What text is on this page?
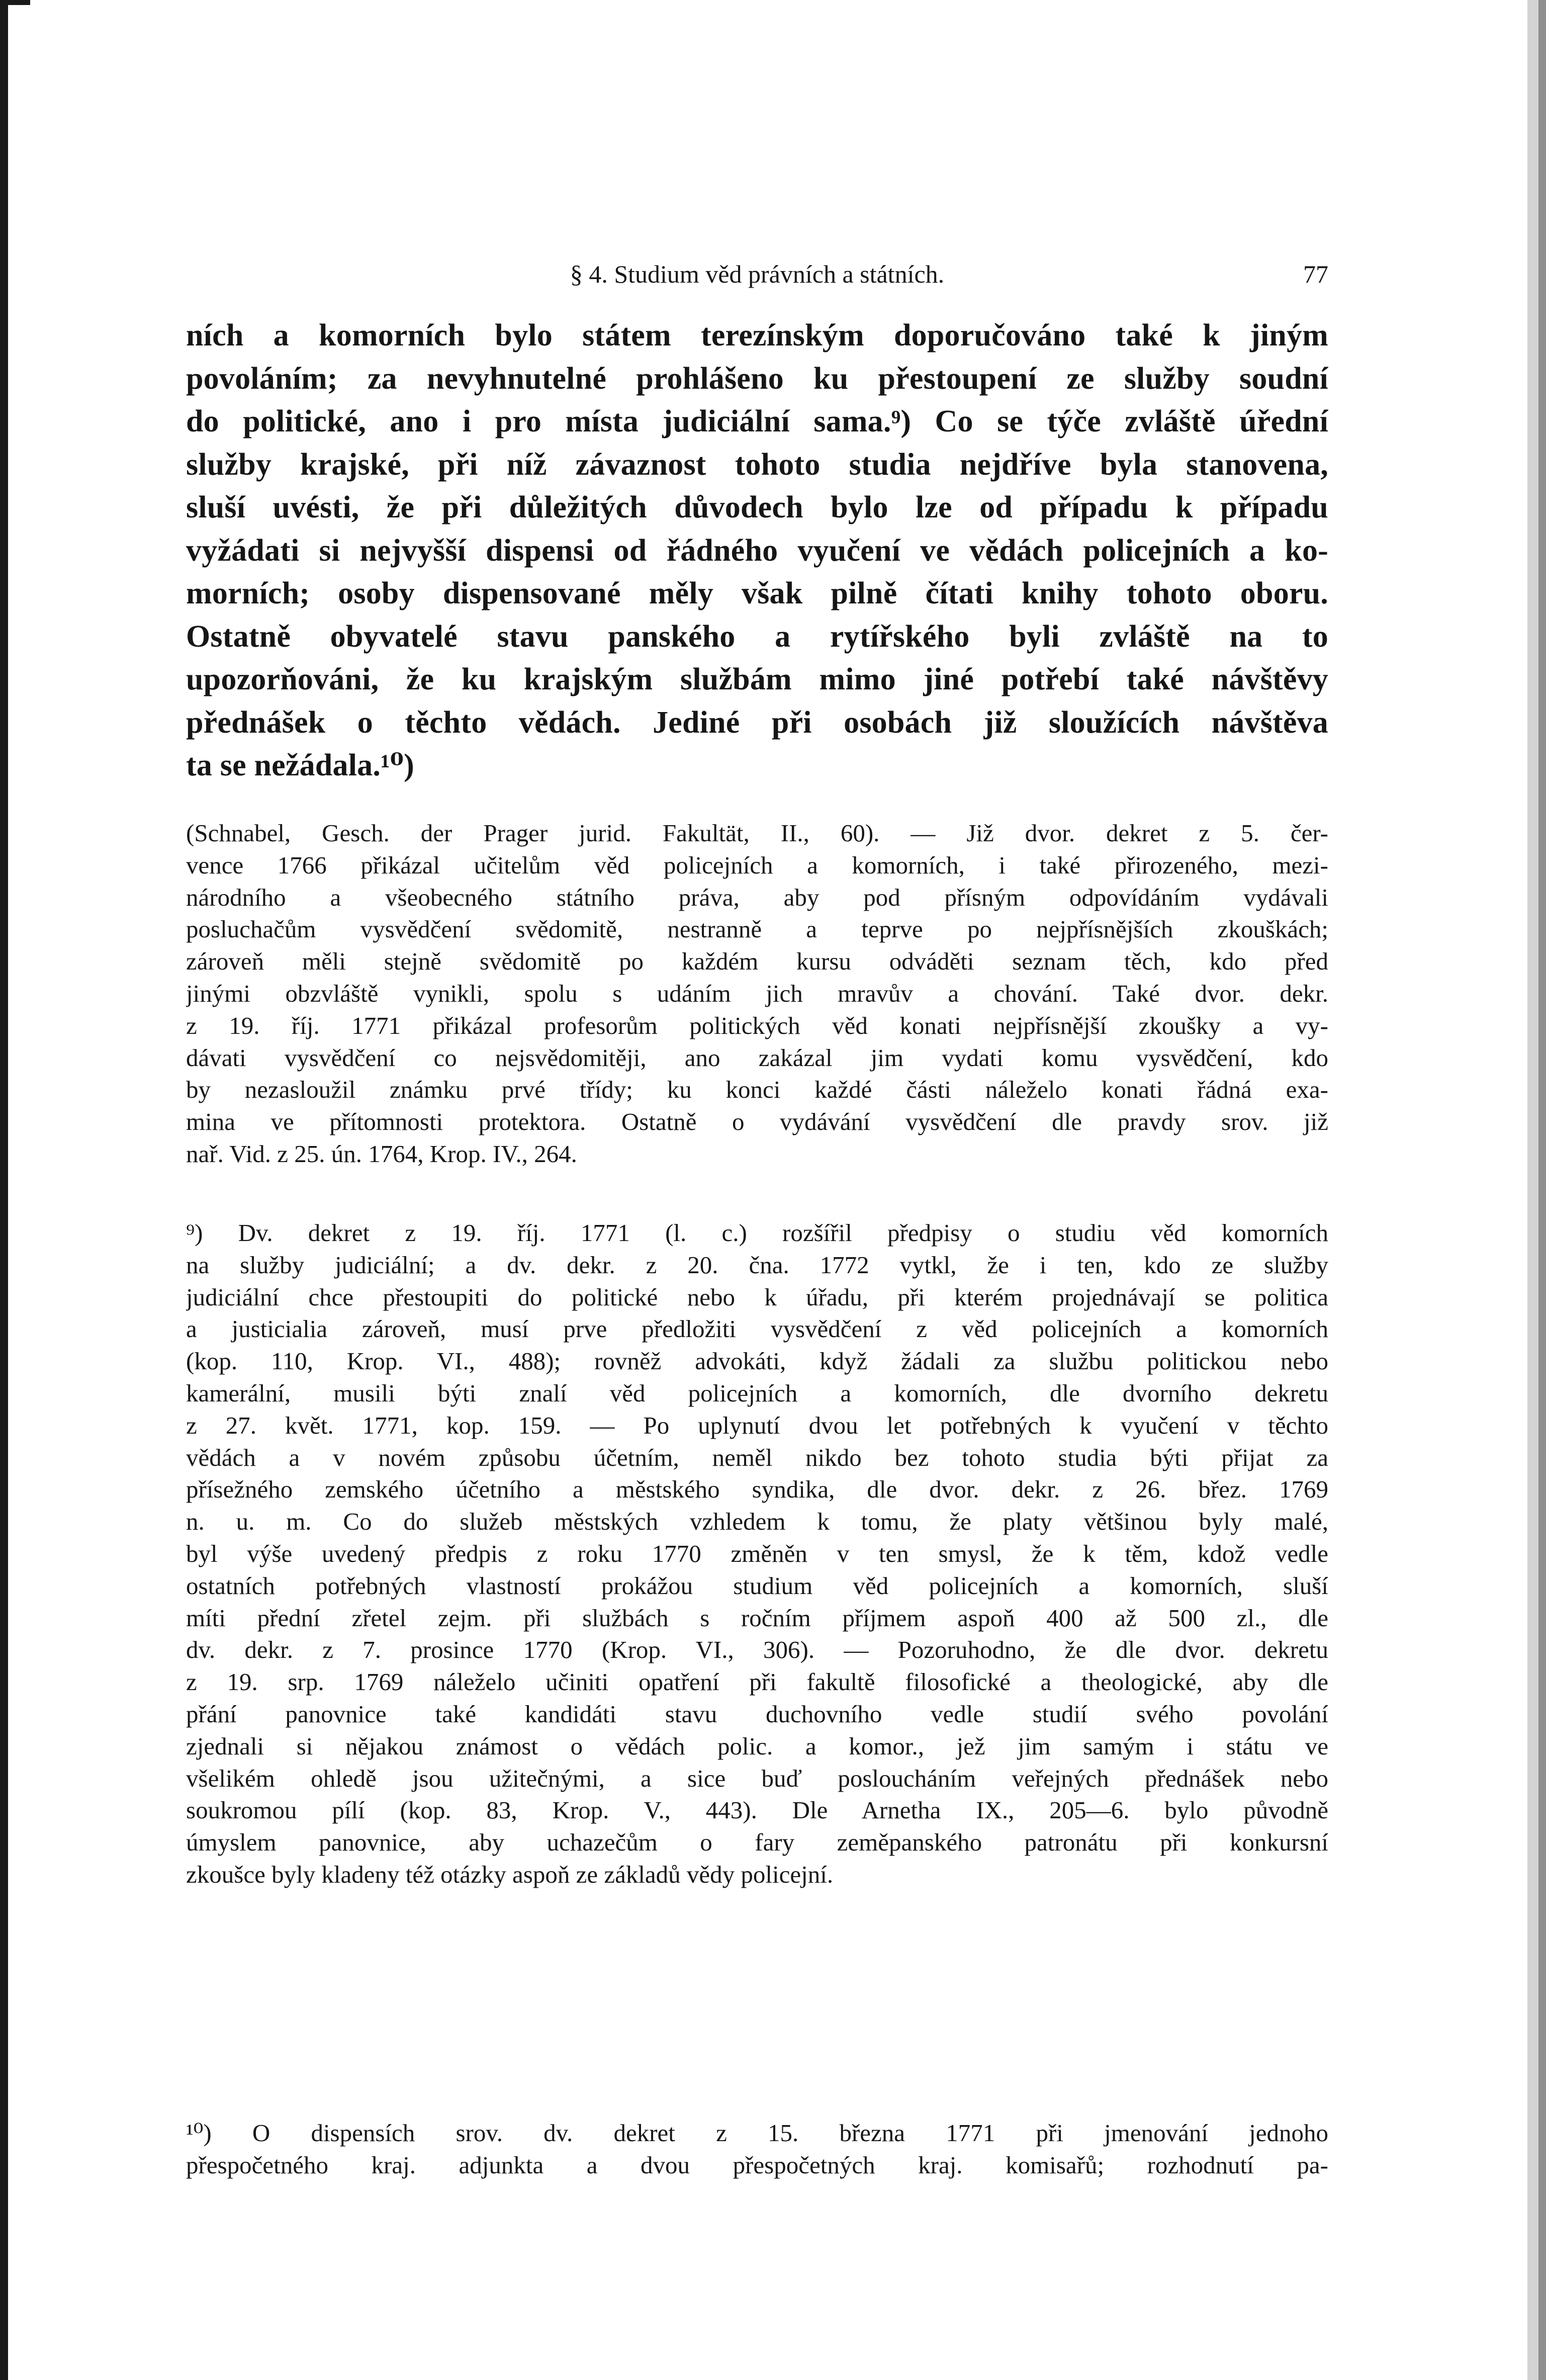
§ 4. Studium věd právních a státních.	77
ních a komorních bylo státem terezínským doporučováno také k jiným
povoláním; za nevyhnutelné prohlášeno ku přestoupení ze služby soudní
do politické, ano i pro místa judiciální sama.⁹) Co se týče zvláště úřední
služby krajské, při níž závaznost tohoto studia nejdříve byla stanovena,
sluší uvésti, že při důležitých důvodech bylo lze od případu k případu
vyžádati si nejvyšší dispensi od řádného vyučení ve vědách policejních a ko-
morních; osoby dispensované měly však pilně čítati knihy tohoto oboru.
Ostatně obyvatelé stavu panského a rytířského byli zvláště na to
upozorňováni, že ku krajským službám mimo jiné potřebí také návštěvy
přednášek o těchto vědách. Jediné při osobách již sloužících návštěva
ta se nežádala.¹⁰)
(Schnabel, Gesch. der Prager jurid. Fakultät, II., 60). — Již dvor. dekret z 5. čer-
vence 1766 přikázal učitelům věd policejních a komorních, i také přirozeného, mezi-
národního a všeobecného státního práva, aby pod přísným odpovídáním vydávali
posluchačům vysvědčení svědomitě, nestranně a teprve po nejpřísnějších zkouškách;
zároveň měli stejně svědomitě po každém kursu odváděti seznam těch, kdo před
jinými obzvláště vynikli, spolu s udáním jich mravův a chování. Také dvor. dekr.
z 19. říj. 1771 přikázal profesorům politických věd konati nejpřísnější zkoušky a vy-
dávati vysvědčení co nejsvědomitěji, ano zakázal jim vydati komu vysvědčení, kdo
by nezasloužil známku prvé třídy; ku konci každé části náleželo konati řádná exa-
mina ve přítomnosti protektora. Ostatně o vydávání vysvědčení dle pravdy srov. již
nař. Vid. z 25. ún. 1764, Krop. IV., 264.
⁹) Dv. dekret z 19. říj. 1771 (l. c.) rozšířil předpisy o studiu věd komorních
na služby judiciální; a dv. dekr. z 20. čna. 1772 vytkl, že i ten, kdo ze služby
judiciální chce přestoupiti do politické nebo k úřadu, při kterém projednávají se politica
a justicialia zároveň, musí prve předložiti vysvědčení z věd policejních a komorních
(kop. 110, Krop. VI., 488); rovněž advokáti, když žádali za službu politickou nebo
kamerální, musili býti znalí věd policejních a komorních, dle dvorního dekretu
z 27. květ. 1771, kop. 159. — Po uplynutí dvou let potřebných k vyučení v těchto
vědách a v novém způsobu účetním, neměl nikdo bez tohoto studia býti přijat za
přísežného zemského účetního a městského syndika, dle dvor. dekr. z 26. břez. 1769
n. u. m. Co do služeb městských vzhledem k tomu, že platy většinou byly malé,
byl výše uvedený předpis z roku 1770 změněn v ten smysl, že k těm, kdož vedle
ostatních potřebných vlastností prokážou studium věd policejních a komorních, sluší
míti přední zřetel zejm. při službách s ročním příjmem aspoň 400 až 500 zl., dle
dv. dekr. z 7. prosince 1770 (Krop. VI., 306). — Pozoruhodno, že dle dvor. dekretu
z 19. srp. 1769 náleželo učiniti opatření při fakultě filosofické a theologické, aby dle
přání panovnice také kandidáti stavu duchovního vedle studií svého povolání
zjednali si nějakou známost o vědách polic. a komor., jež jim samým i státu ve
všelikém ohledě jsou užitečnými, a sice buď posloucháním veřejných přednášek nebo
soukromou pílí (kop. 83, Krop. V., 443). Dle Arnetha IX., 205—6. bylo původně
úmyslem panovnice, aby uchazečům o fary zeměpanského patronátu při konkursní
zkoušce byly kladeny též otázky aspoň ze základů vědy policejní.
¹⁰) O dispensích srov. dv. dekret z 15. března 1771 při jmenování jednoho
přespočetného kraj. adjunkta a dvou přespočetných kraj. komisařů; rozhodnutí pa-
